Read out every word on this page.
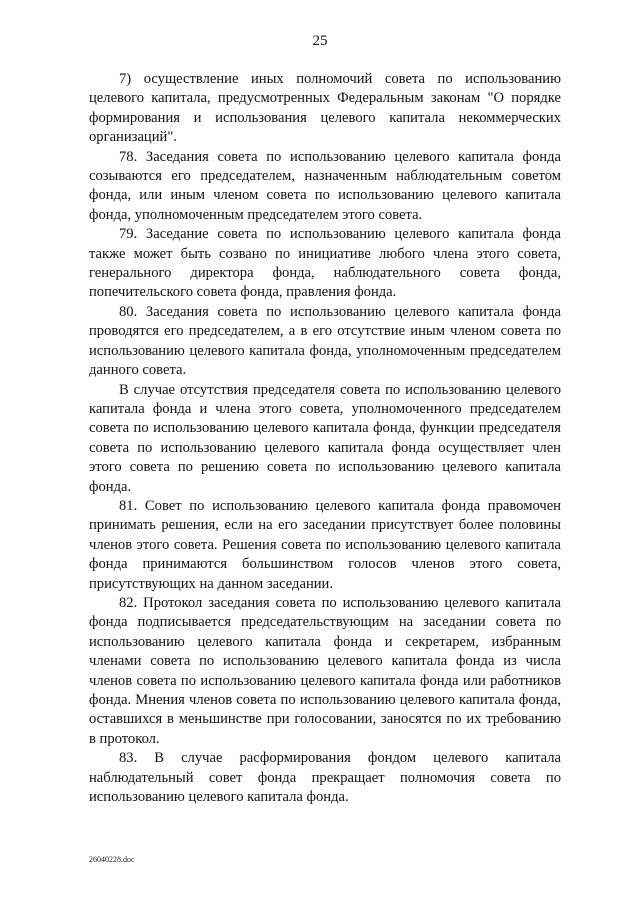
25

7) осуществление иных полномочий совета по использованию целевого капитала, предусмотренных Федеральным законам "О порядке формирования и использования целевого капитала некоммерческих организаций".

78. Заседания совета по использованию целевого капитала фонда созываются его председателем, назначенным наблюдательным советом фонда, или иным членом совета по использованию целевого капитала фонда, уполномоченным председателем этого совета.

79. Заседание совета по использованию целевого капитала фонда также может быть созвано по инициативе любого члена этого совета, генерального директора фонда, наблюдательного совета фонда, попечительского совета фонда, правления фонда.

80. Заседания совета по использованию целевого капитала фонда проводятся его председателем, а в его отсутствие иным членом совета по использованию целевого капитала фонда, уполномоченным председателем данного совета.

В случае отсутствия председателя совета по использованию целевого капитала фонда и члена этого совета, уполномоченного председателем совета по использованию целевого капитала фонда, функции председателя совета по использованию целевого капитала фонда осуществляет член этого совета по решению совета по использованию целевого капитала фонда.

81. Совет по использованию целевого капитала фонда правомочен принимать решения, если на его заседании присутствует более половины членов этого совета. Решения совета по использованию целевого капитала фонда принимаются большинством голосов членов этого совета, присутствующих на данном заседании.

82. Протокол заседания совета по использованию целевого капитала фонда подписывается председательствующим на заседании совета по использованию целевого капитала фонда и секретарем, избранным членами совета по использованию целевого капитала фонда из числа членов совета по использованию целевого капитала фонда или работников фонда. Мнения членов совета по использованию целевого капитала фонда, оставшихся в меньшинстве при голосовании, заносятся по их требованию в протокол.

83. В случае расформирования фондом целевого капитала наблюдательный совет фонда прекращает полномочия совета по использованию целевого капитала фонда.

26040228.doc
